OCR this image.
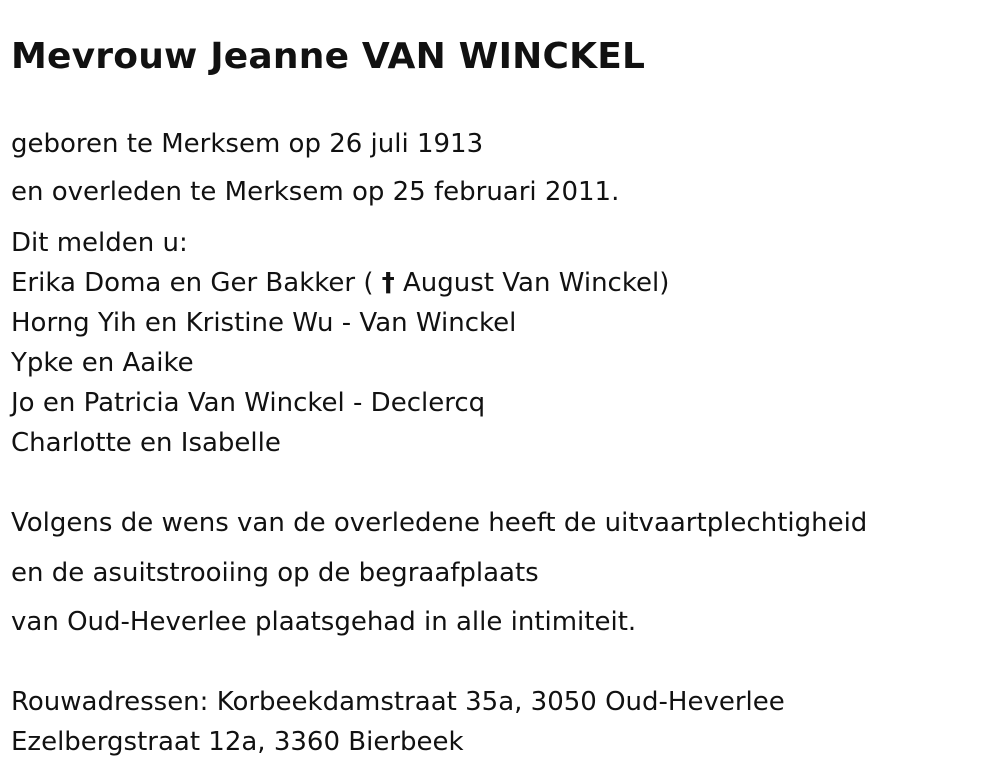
Mevrouw Jeanne VAN WINCKEL
geboren te Merksem op 26 juli 1913
en overleden te Merksem op 25 februari 2011.
Dit melden u:
Erika Doma en Ger Bakker ( † August Van Winckel)
Horng Yih en Kristine Wu - Van Winckel
Ypke en Aaike
Jo en Patricia Van Winckel - Declercq
Charlotte en Isabelle
Volgens de wens van de overledene heeft de uitvaartplechtigheid
en de asuitstrooiing op de begraafplaats
van Oud-Heverlee plaatsgehad in alle intimiteit.
Rouwadressen: Korbeekdamstraat 35a, 3050 Oud-Heverlee
Ezelbergstraat 12a, 3360 Bierbeek
